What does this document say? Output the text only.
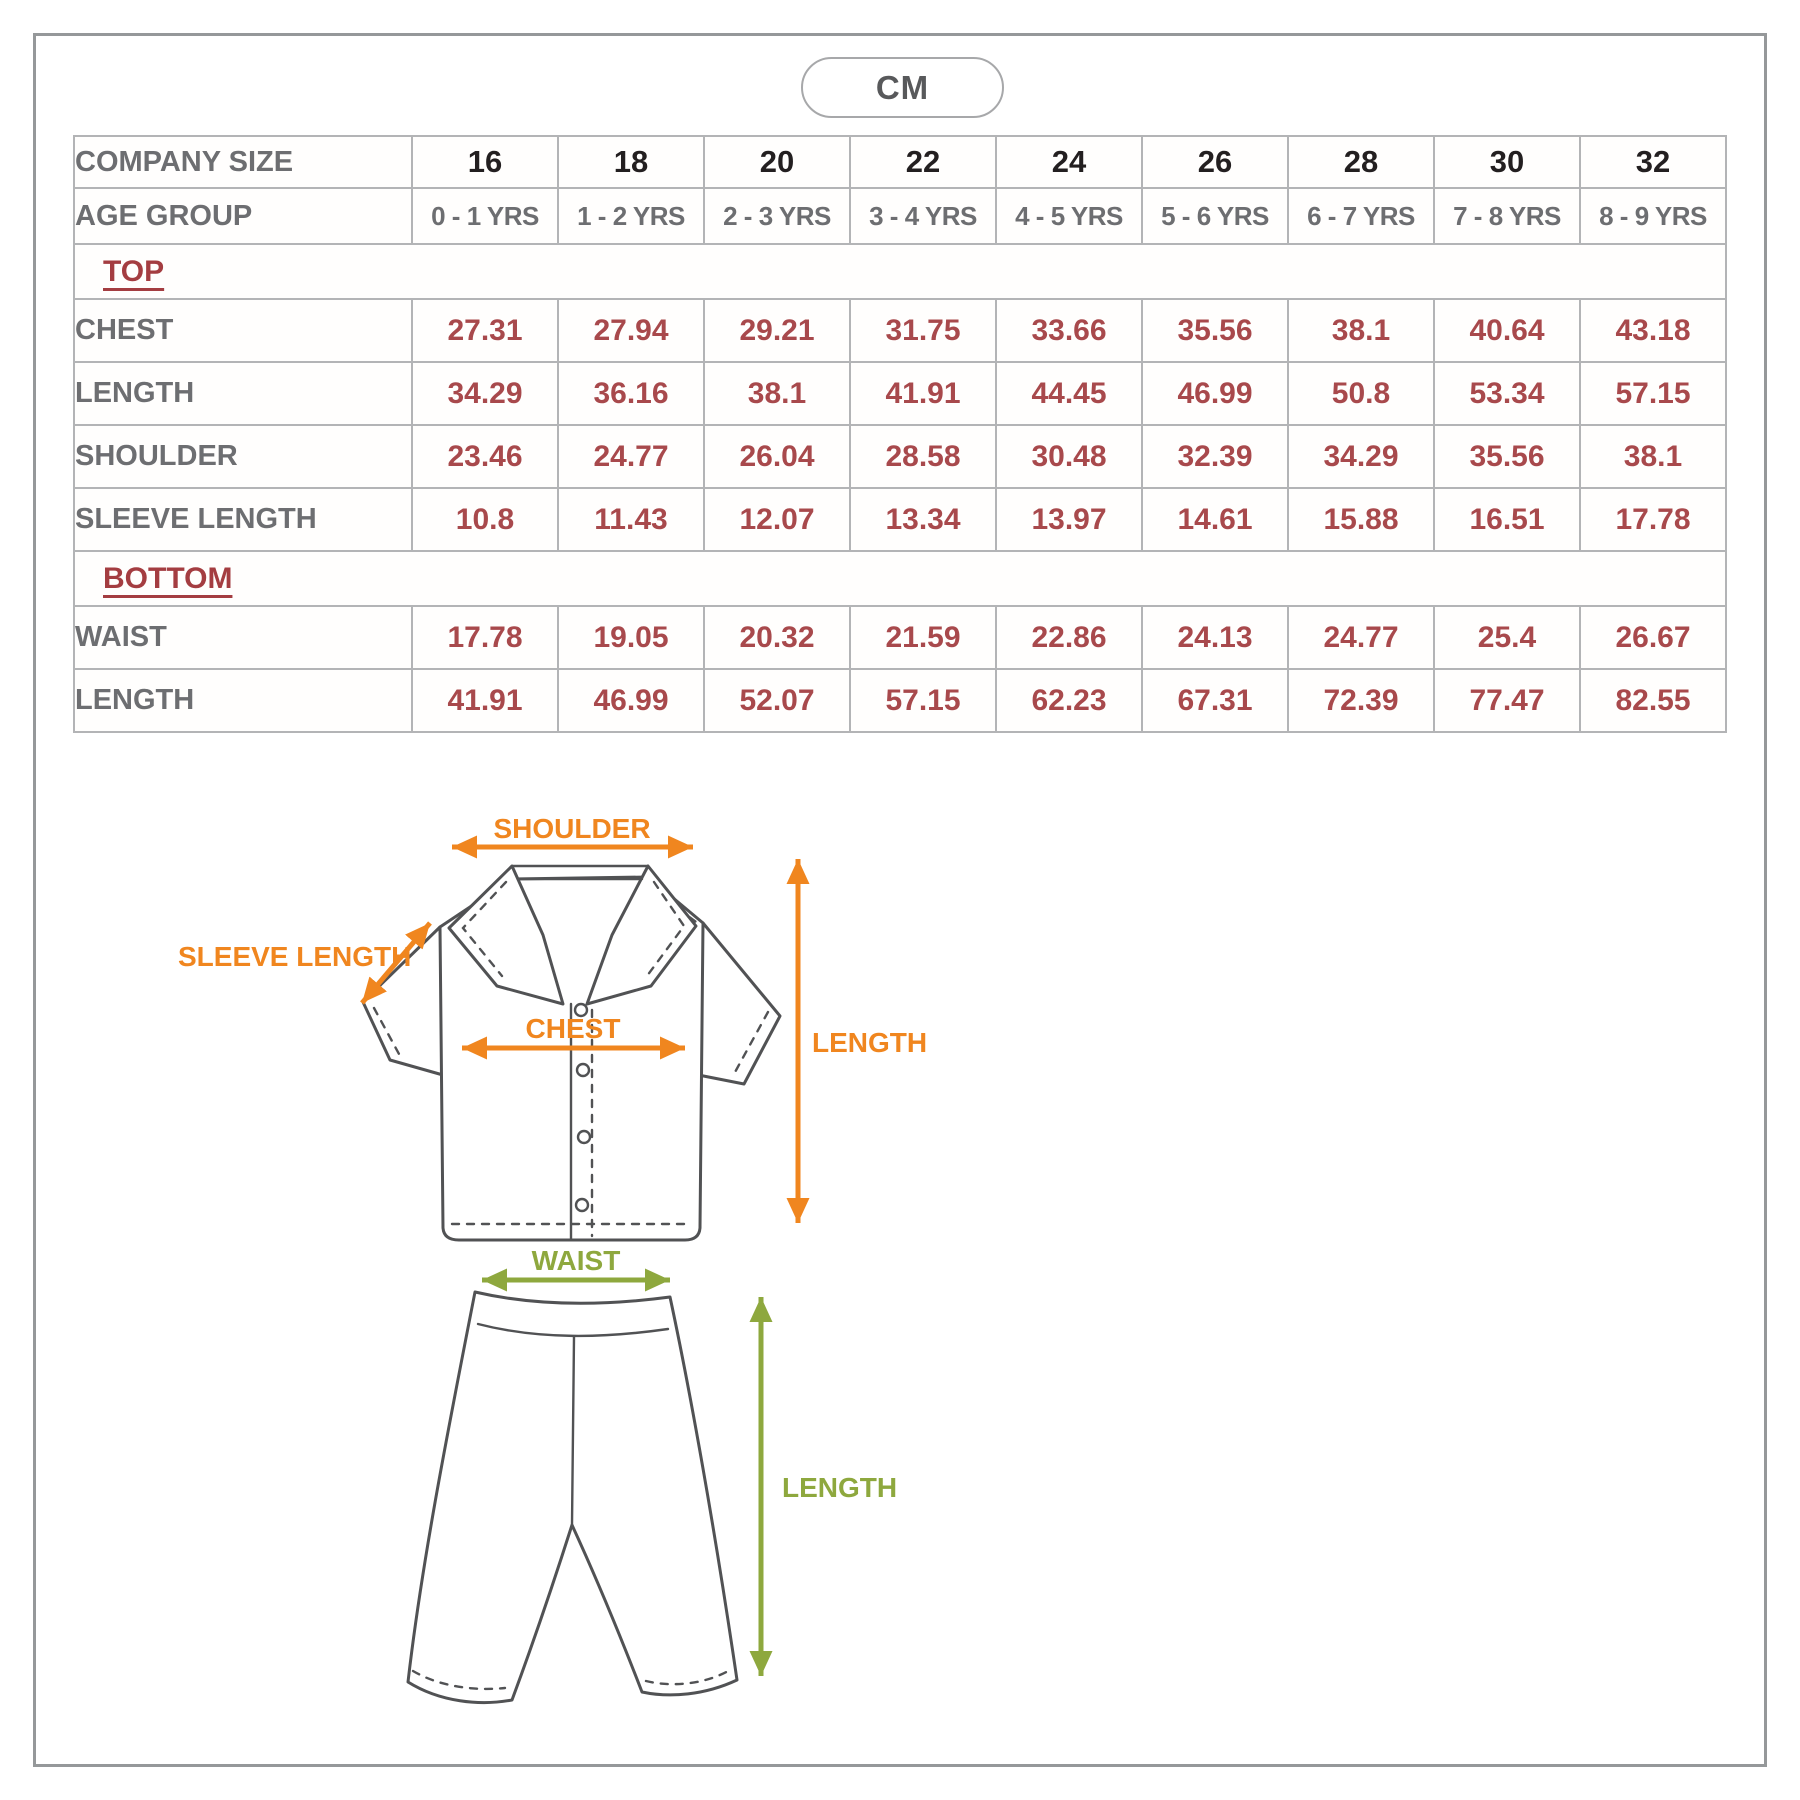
CM
COMPANY SIZE	16	18	20	22	24	26	28	30	32
AGE GROUP	0 - 1 YRS	1 - 2 YRS	2 - 3 YRS	3 - 4 YRS	4 - 5 YRS	5 - 6 YRS	6 - 7 YRS	7 - 8 YRS	8 - 9 YRS
TOP									
CHEST	27.31	27.94	29.21	31.75	33.66	35.56	38.1	40.64	43.18
LENGTH	34.29	36.16	38.1	41.91	44.45	46.99	50.8	53.34	57.15
SHOULDER	23.46	24.77	26.04	28.58	30.48	32.39	34.29	35.56	38.1
SLEEVE LENGTH	10.8	11.43	12.07	13.34	13.97	14.61	15.88	16.51	17.78
BOTTOM									
WAIST	17.78	19.05	20.32	21.59	22.86	24.13	24.77	25.4	26.67
LENGTH	41.91	46.99	52.07	57.15	62.23	67.31	72.39	77.47	82.55
SHOULDER
SLEEVE LENGTH
CHEST	LENGTH
WAIST
LENGTH
